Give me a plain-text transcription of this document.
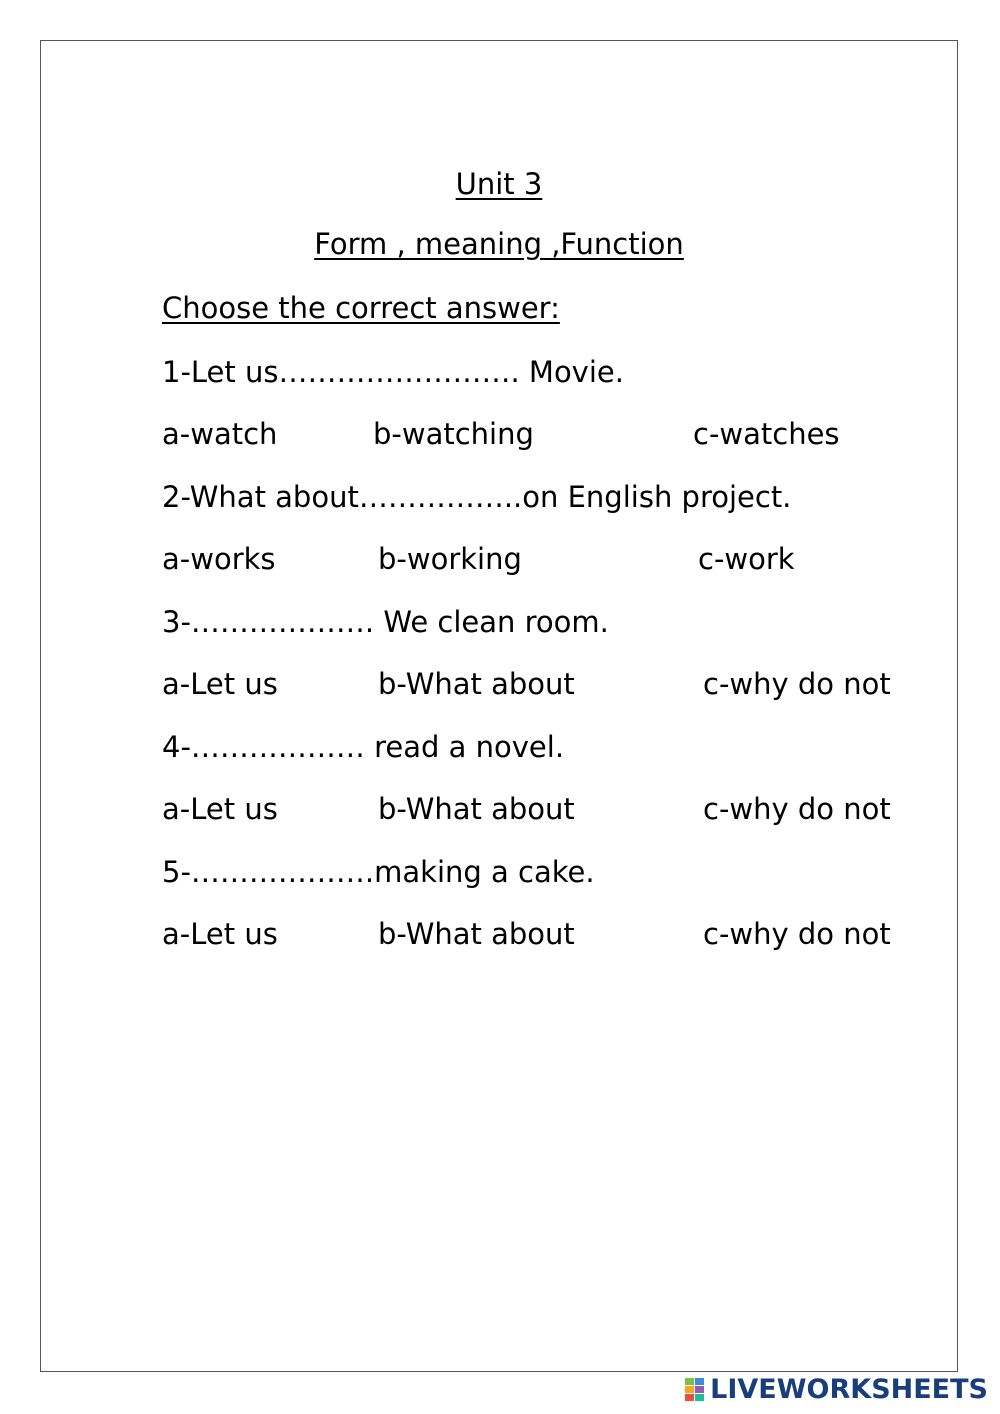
Unit 3
Form , meaning ,Function
Choose the correct answer:
1-Let us……………………. Movie.
a-watch	b-watching	c-watches
2-What about……………..on English project.
a-works	b-working	c-work
3-………………. We clean room.
a-Let us	b-What about	c-why do not
4-……………… read a novel.
a-Let us	b-What about	c-why do not
5-……………….making a cake.
a-Let us	b-What about	c-why do not
LIVEWORKSHEETS
